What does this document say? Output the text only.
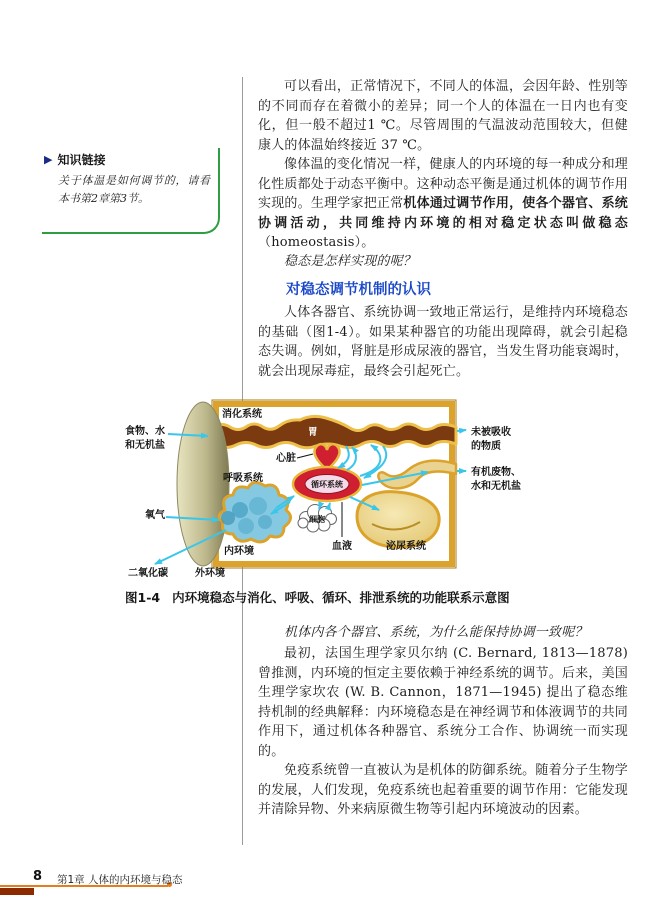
▶ 知识链接

关于体温是如何调节的，请看本书第2章第3节。

可以看出，正常情况下，不同人的体温，会因年龄、性别等的不同而存在着微小的差异；同一个人的体温在一日内也有变化，但一般不超过1 ℃。尽管周围的气温波动范围较大，但健康人的体温始终接近 37 ℃。

像体温的变化情况一样，健康人的内环境的每一种成分和理化性质都处于动态平衡中。这种动态平衡是通过机体的调节作用实现的。生理学家把正常机体通过调节作用，使各个器官、系统协调活动，共同维持内环境的相对稳定状态叫做稳态（homeostasis）。

稳态是怎样实现的呢？

对稳态调节机制的认识

人体各器官、系统协调一致地正常运行，是维持内环境稳态的基础（图1-4）。如果某种器官的功能出现障碍，就会引起稳态失调。例如，肾脏是形成尿液的器官，当发生肾功能衰竭时，就会出现尿毒症，最终会引起死亡。

消化系统
胃
心脏
呼吸系统
循环系统
细胞
血液	泌尿系统
内环境
外环境
食物、水
和无机盐
氧气
二氧化碳
未被吸收
的物质
有机废物、
水和无机盐

图1-4 内环境稳态与消化、呼吸、循环、排泄系统的功能联系示意图

机体内各个器官、系统，为什么能保持协调一致呢？

最初，法国生理学家贝尔纳 (C. Bernard, 1813—1878) 曾推测，内环境的恒定主要依赖于神经系统的调节。后来，美国生理学家坎农 (W. B. Cannon，1871—1945) 提出了稳态维持机制的经典解释：内环境稳态是在神经调节和体液调节的共同作用下，通过机体各种器官、系统分工合作、协调统一而实现的。

免疫系统曾一直被认为是机体的防御系统。随着分子生物学的发展，人们发现，免疫系统也起着重要的调节作用：它能发现并清除异物、外来病原微生物等引起内环境波动的因素。

8 第1章 人体的内环境与稳态
